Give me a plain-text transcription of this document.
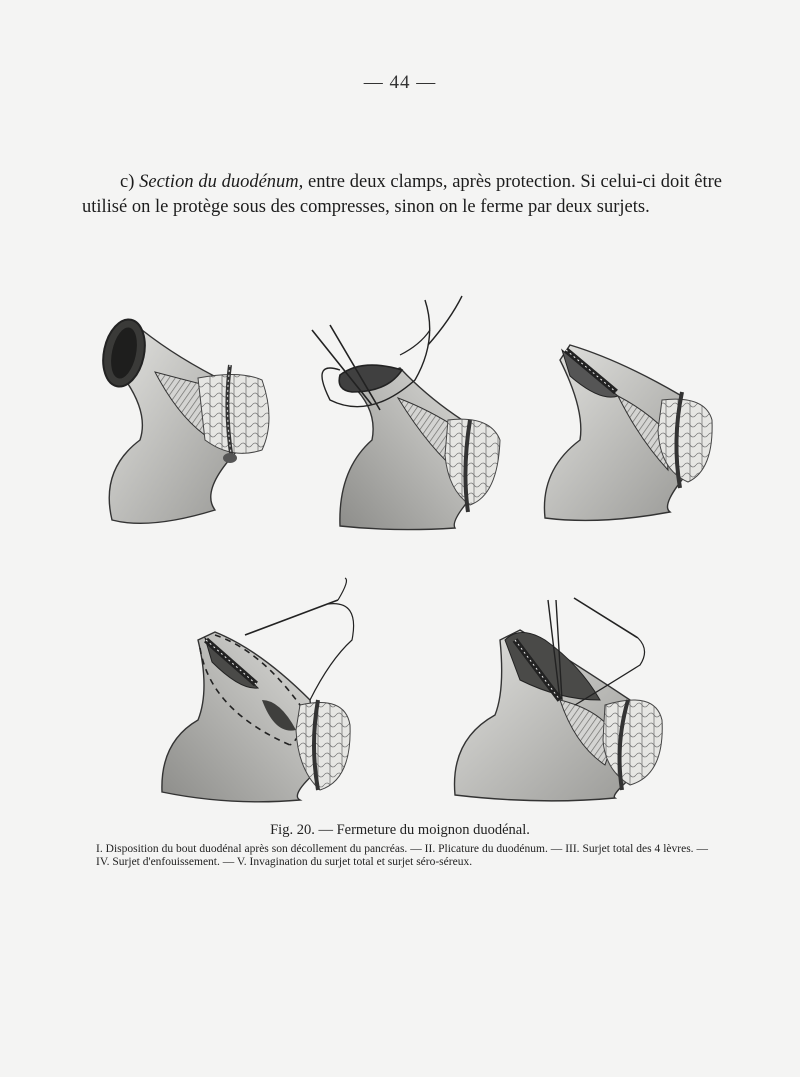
— 44 —

c) Section du duodénum, entre deux clamps, après protection. Si celui-ci doit être utilisé on le protège sous des compresses, sinon on le ferme par deux surjets.

Fig. 20. — Fermeture du moignon duodénal.

I. Disposition du bout duodénal après son décollement du pancréas. — II. Plicature du duodénum. — III. Surjet total des 4 lèvres. — IV. Surjet d'enfouissement. — V. Invagination du surjet total et surjet séro-séreux.
